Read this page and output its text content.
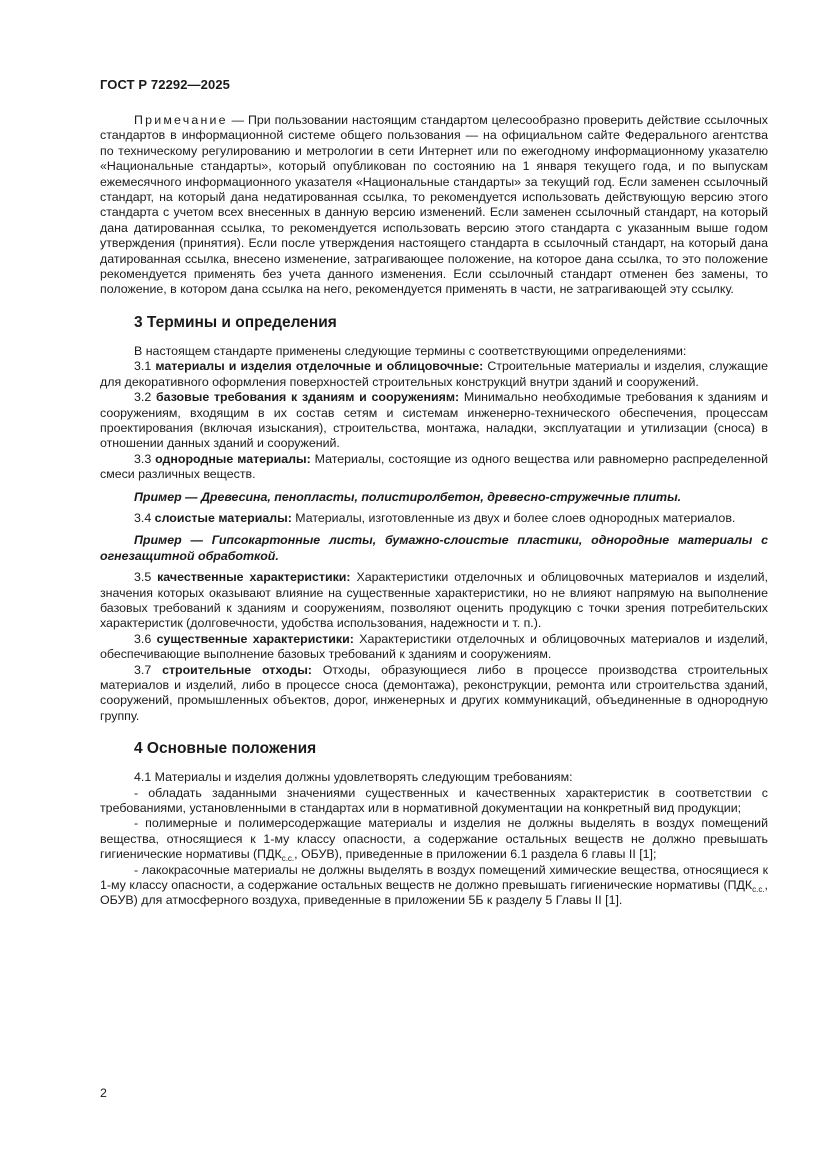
ГОСТ Р 72292—2025

Примечание — При пользовании настоящим стандартом целесообразно проверить действие ссылочных стандартов в информационной системе общего пользования — на официальном сайте Федерального агентства по техническому регулированию и метрологии в сети Интернет или по ежегодному информационному указателю «Национальные стандарты», который опубликован по состоянию на 1 января текущего года, и по выпускам ежемесячного информационного указателя «Национальные стандарты» за текущий год. Если заменен ссылочный стандарт, на который дана недатированная ссылка, то рекомендуется использовать действующую версию этого стандарта с учетом всех внесенных в данную версию изменений. Если заменен ссылочный стандарт, на который дана датированная ссылка, то рекомендуется использовать версию этого стандарта с указанным выше годом утверждения (принятия). Если после утверждения настоящего стандарта в ссылочный стандарт, на который дана датированная ссылка, внесено изменение, затрагивающее положение, на которое дана ссылка, то это положение рекомендуется применять без учета данного изменения. Если ссылочный стандарт отменен без замены, то положение, в котором дана ссылка на него, рекомендуется применять в части, не затрагивающей эту ссылку.

3 Термины и определения

В настоящем стандарте применены следующие термины с соответствующими определениями:

3.1 материалы и изделия отделочные и облицовочные: Строительные материалы и изделия, служащие для декоративного оформления поверхностей строительных конструкций внутри зданий и сооружений.

3.2 базовые требования к зданиям и сооружениям: Минимально необходимые требования к зданиям и сооружениям, входящим в их состав сетям и системам инженерно-технического обеспечения, процессам проектирования (включая изыскания), строительства, монтажа, наладки, эксплуатации и утилизации (сноса) в отношении данных зданий и сооружений.

3.3 однородные материалы: Материалы, состоящие из одного вещества или равномерно распределенной смеси различных веществ.

Пример — Древесина, пенопласты, полистиролбетон, древесно-стружечные плиты.

3.4 слоистые материалы: Материалы, изготовленные из двух и более слоев однородных материалов.

Пример — Гипсокартонные листы, бумажно-слоистые пластики, однородные материалы с огнезащитной обработкой.

3.5 качественные характеристики: Характеристики отделочных и облицовочных материалов и изделий, значения которых оказывают влияние на существенные характеристики, но не влияют напрямую на выполнение базовых требований к зданиям и сооружениям, позволяют оценить продукцию с точки зрения потребительских характеристик (долговечности, удобства использования, надежности и т. п.).

3.6 существенные характеристики: Характеристики отделочных и облицовочных материалов и изделий, обеспечивающие выполнение базовых требований к зданиям и сооружениям.

3.7 строительные отходы: Отходы, образующиеся либо в процессе производства строительных материалов и изделий, либо в процессе сноса (демонтажа), реконструкции, ремонта или строительства зданий, сооружений, промышленных объектов, дорог, инженерных и других коммуникаций, объединенные в однородную группу.

4 Основные положения

4.1 Материалы и изделия должны удовлетворять следующим требованиям:

- обладать заданными значениями существенных и качественных характеристик в соответствии с требованиями, установленными в стандартах или в нормативной документации на конкретный вид продукции;

- полимерные и полимерсодержащие материалы и изделия не должны выделять в воздух помещений вещества, относящиеся к 1-му классу опасности, а содержание остальных веществ не должно превышать гигиенические нормативы ($ПДК_{с.с.}$, ОБУВ), приведенные в приложении 6.1 раздела 6 главы II [1];

- лакокрасочные материалы не должны выделять в воздух помещений химические вещества, относящиеся к 1-му классу опасности, а содержание остальных веществ не должно превышать гигиенические нормативы ($ПДК_{с.с.}$, ОБУВ) для атмосферного воздуха, приведенные в приложении 5Б к разделу 5 Главы II [1].

2
